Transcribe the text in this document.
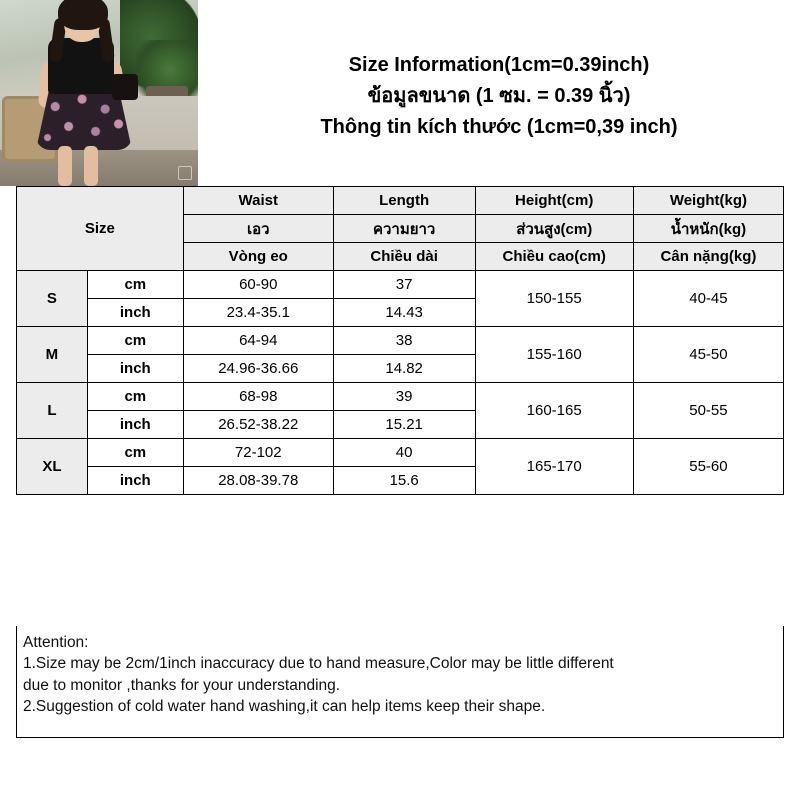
Size Information(1cm=0.39inch)
ข้อมูลขนาด (1 ซม. = 0.39 นิ้ว)
Thông tin kích thước (1cm=0,39 inch)
Size		Waist	Length	Height(cm)	Weight(kg)
		เอว	ความยาว	ส่วนสูง(cm)	น้ำหนัก(kg)
		Vòng eo	Chiều dài	Chiều cao(cm)	Cân nặng(kg)
S	cm	60-90	37	150-155	40-45
	inch	23.4-35.1	14.43		
M	cm	64-94	38	155-160	45-50
	inch	24.96-36.66	14.82		
L	cm	68-98	39	160-165	50-55
	inch	26.52-38.22	15.21		
XL	cm	72-102	40	165-170	55-60
	inch	28.08-39.78	15.6		
Attention:
1.Size may be 2cm/1inch inaccuracy due to hand measure,Color may be little different
due to monitor ,thanks for your understanding.
2.Suggestion of cold water hand washing,it can help items keep their shape.
